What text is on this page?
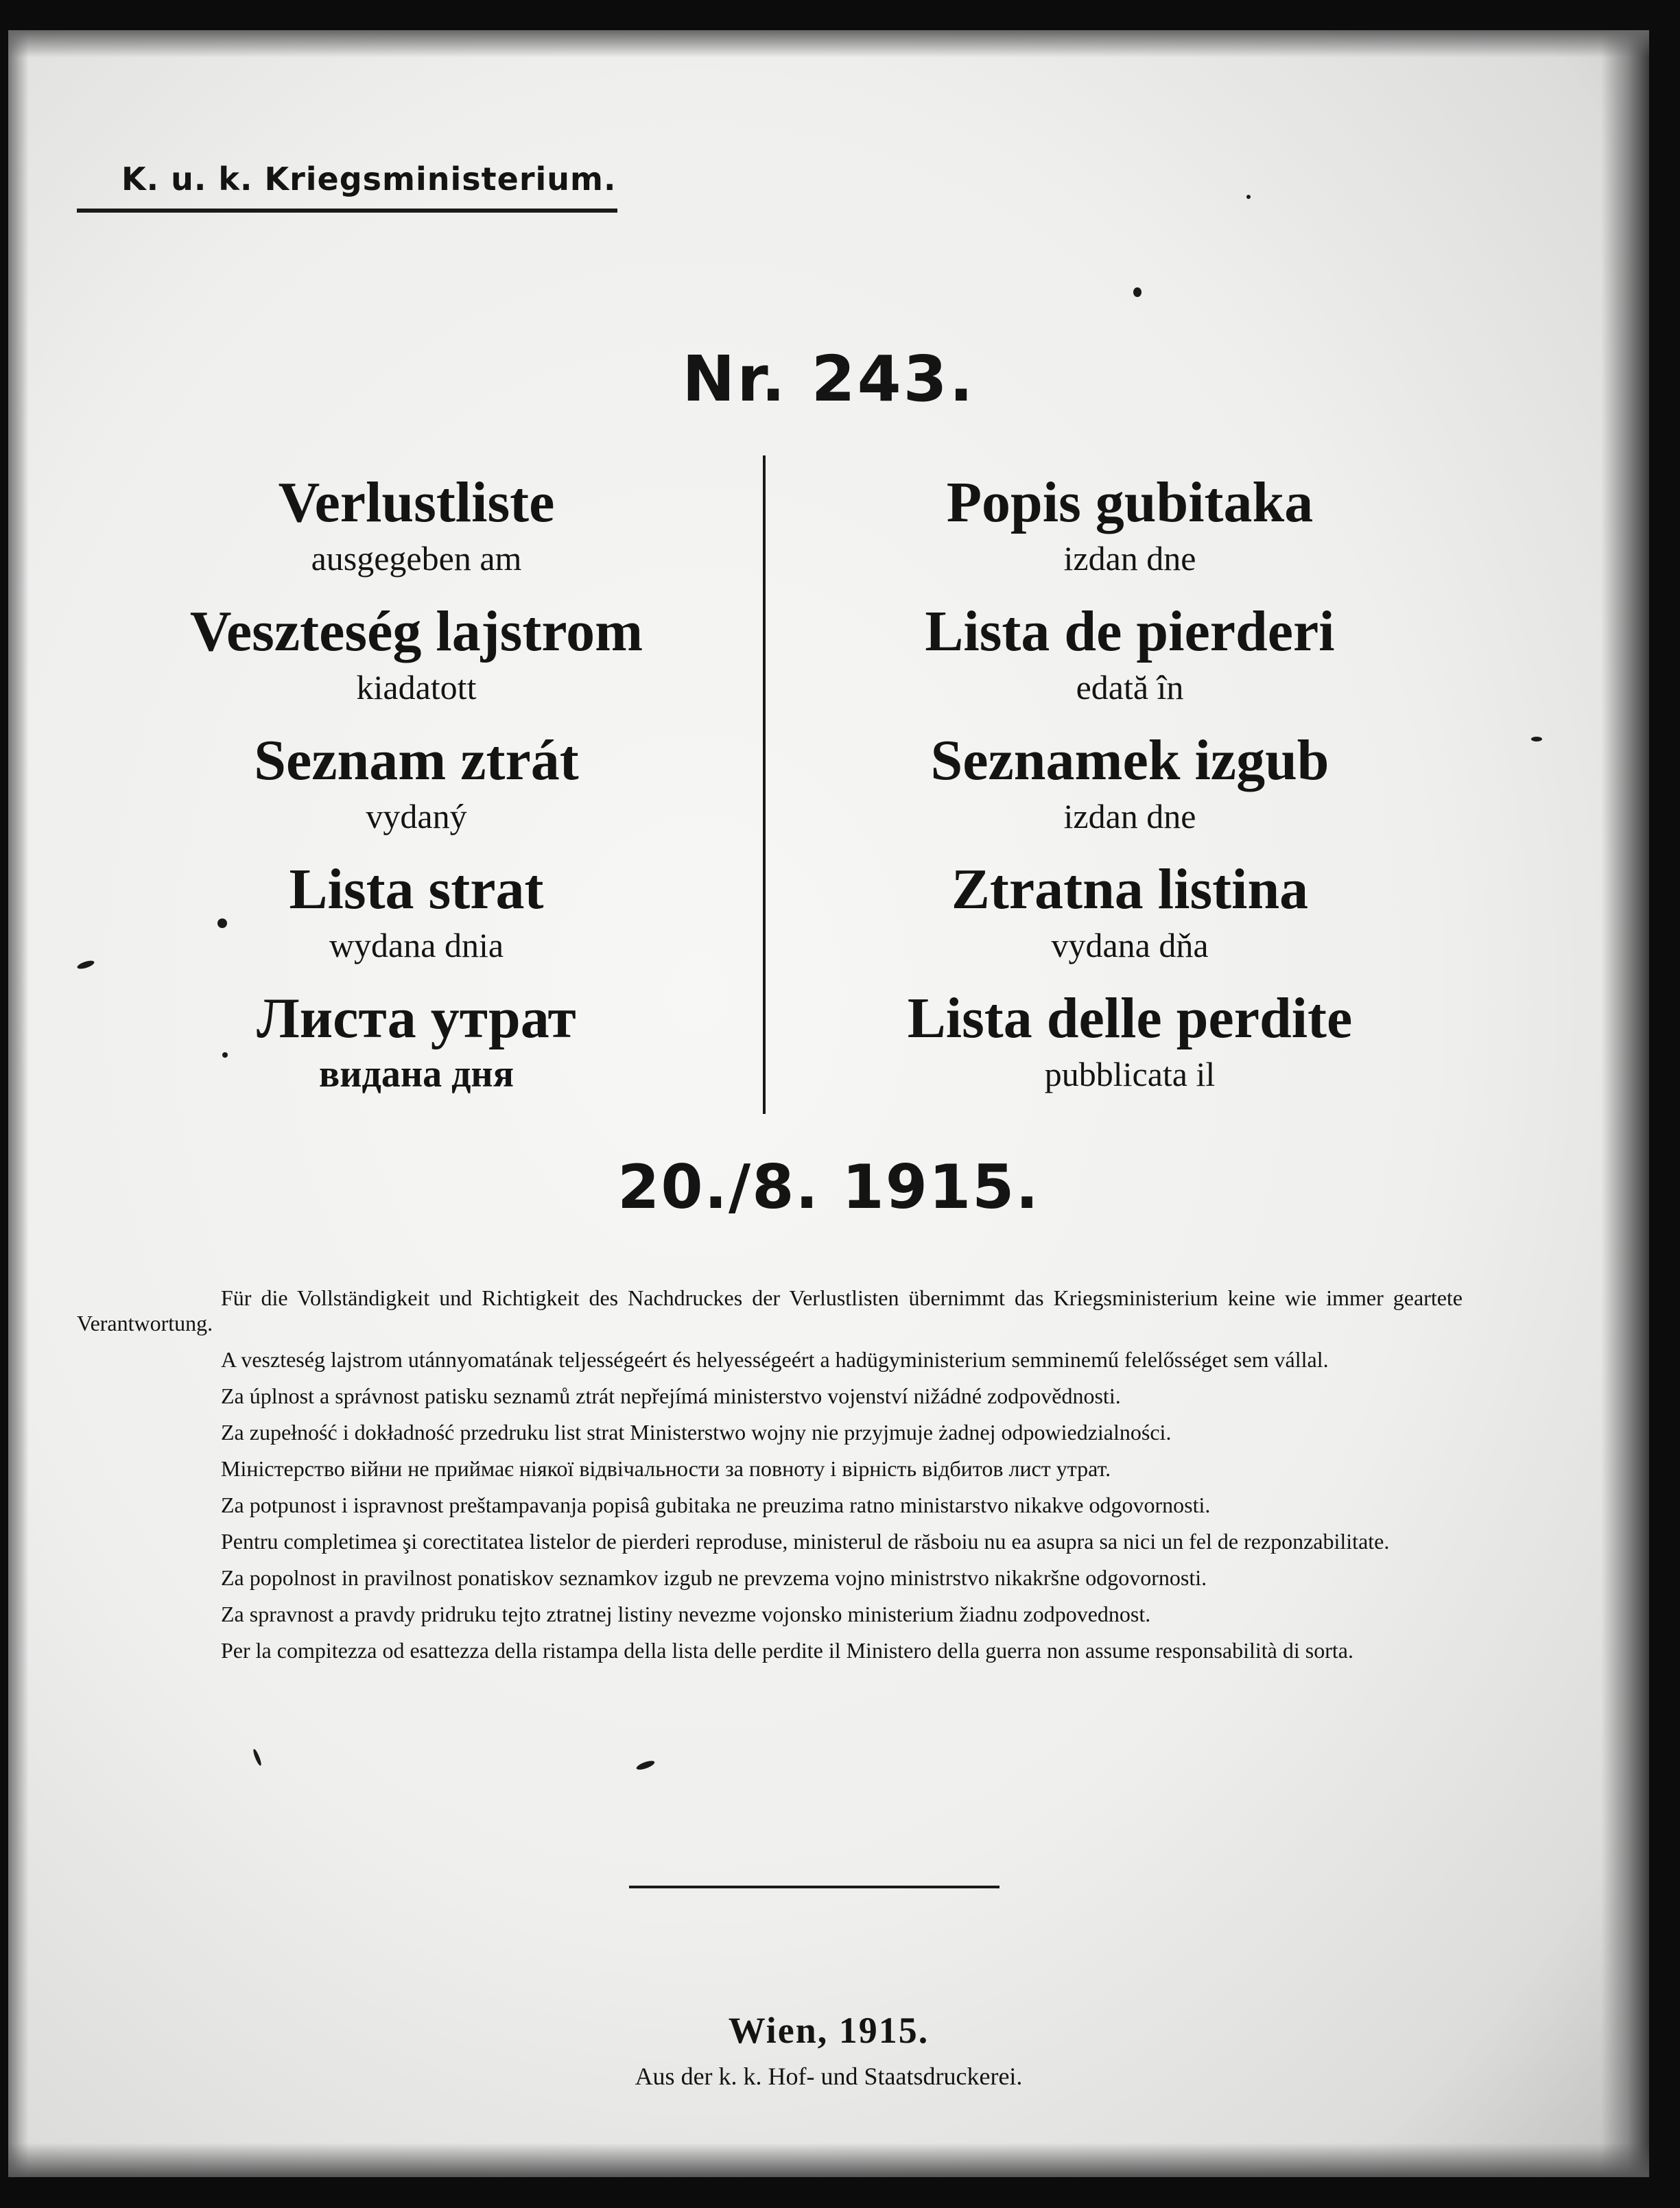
K. u. k. Kriegsministerium.
Nr. 243.
Verlustliste
ausgegeben am
Veszteség lajstrom
kiadatott
Seznam ztrát
vydaný
Lista strat
wydana dnia
Листа утрат
видана дня
Popis gubitaka
izdan dne
Lista de pierderi
edată în
Seznamek izgub
izdan dne
Ztratna listina
vydana dňa
Lista delle perdite
pubblicata il
20./8. 1915.

Für die Vollständigkeit und Richtigkeit des Nachdruckes der Verlustlisten übernimmt das Kriegsministerium keine wie immer geartete Verantwortung.

A veszteség lajstrom utánnyomatának teljességeért és helyességeért a hadügyministerium semminemű felelősséget sem vállal.

Za úplnost a správnost patisku seznamů ztrát nepřejímá ministerstvo vojenství nižádné zodpovědnosti.

Za zupełność i dokładność przedruku list strat Ministerstwo wojny nie przyjmuje żadnej odpowiedzialności.

Міністерство війни не приймає ніякої відвічальности за повноту і вірність відбитов лист утрат.

Za potpunost i ispravnost preštampavanja popisâ gubitaka ne preuzima ratno ministarstvo nikakve odgovornosti.

Pentru completimea şi corectitatea listelor de pierderi reproduse, ministerul de răsboiu nu ea asupra sa nici un fel de rezponzabilitate.

Za popolnost in pravilnost ponatiskov seznamkov izgub ne prevzema vojno ministrstvo nikakršne odgovornosti.

Za spravnost a pravdy pridruku tejto ztratnej listiny nevezme vojonsko ministerium žiadnu zodpovednost.

Per la compitezza od esattezza della ristampa della lista delle perdite il Ministero della guerra non assume responsabilità di sorta.

Wien, 1915.
Aus der k. k. Hof- und Staatsdruckerei.
